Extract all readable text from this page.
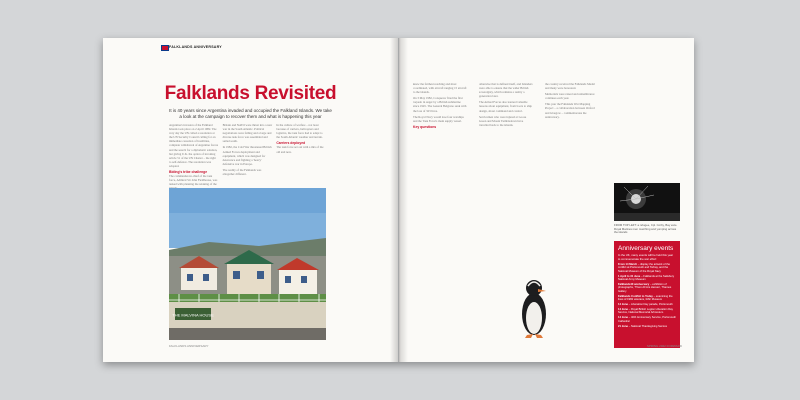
FALKLANDS ANNIVERSARY
Falklands Revisited
It is 40 years since Argentina invaded and occupied the Falkland Islands. We take a look at the campaign to recover them and what is happening this year

Argentina's invasion of the Falkland Islands took place on 2 April 1982. The very day the UN called a resolution at the UN Security Council calling for an immediate cessation of hostilities, complete withdrawal of Argentine forces and the search for a diplomatic solution, but giving U.K. the option of invoking article 51 of the UN Charter – the right to self-defence. The resolution was adopted.

Biding's tribe challenge

The commander-in-chief of the task force, Admiral Sir John Fieldhouse, was tasked with planning the retaking of the

Britain and NATO were thrust into a new war in the South Atlantic. Political negotiations were failing and a large and diverse task force was assembled and sailed south.

In 1982, the Cold War threatened British Armed Forces deployment and equipment, which was designed for deterrence and fighting a 'heavy' defensive war in Europe.

The reality of the Falklands was altogether different.

In the culture of warfare – not least because of carriers, helicopters and logistics, the task force had to adapt to the South Atlantic weather and terrain.

Carriers deployed

The task force set out with a mix of the old and new.

THE MALVINA HOUSE
FALKLANDS ANNIVERSARY

knew the farthest reaching and most coordinated, with aircraft ranging 15 aircraft to the islands.

On 3 May 1982, Conqueror fired the first torpedo in anger by a British submarine since 1945. The General Belgrano sank with the loss of 323 lives.

The Royal Navy would lose four warships and the Task Force's main supply vessel.

Key questions

otherwise that is defined itself, and Islanders were able to ensure that the wider British sovereignty, which remains a reality a generation later.

The Armed Forces also learned valuable lessons about equipment, from boots to ship design, about command and control.

Servicemen who were injured at Goose Green and Mount Tumbledown have travelled back to the islands.

the country received the Falklands Medal and many were honoured.

Memorials were raised and remembrance continues each year.

This year the Falklands War Mapping Project – a collaboration between Oxford and Glasgow – commemorates the anniversary.

FROM TOP LEFT: a refugee, Cpl. Corby, Bay estu- Royal Marines men marching and yomping across the islands
Anniversary events
In the UK, many events will be held this year to commemorate the war effort:
From 14 March – display the artwork of the conflict at Portsmouth and Torbay, and the National Museum of the Royal Navy
1 April to 31 June – Falklands at the Salisbury National Army Museum
Falklands40 anniversary – exhibition of photographs, 'Them All Are Heroes', Thames Gallery
Falklands Conflict to Today – examining the lives of 1982 veterans, RAF Museum
14 June – Liberation Day parade, Portsmouth
14 June – Royal British Legion Liberation Day Service, National Memorial Arboretum
14 June – 40th Anniversary Service, Portsmouth Cathedral
21 June – National Thanksgiving Service
SPRING 2022 FORWARD
